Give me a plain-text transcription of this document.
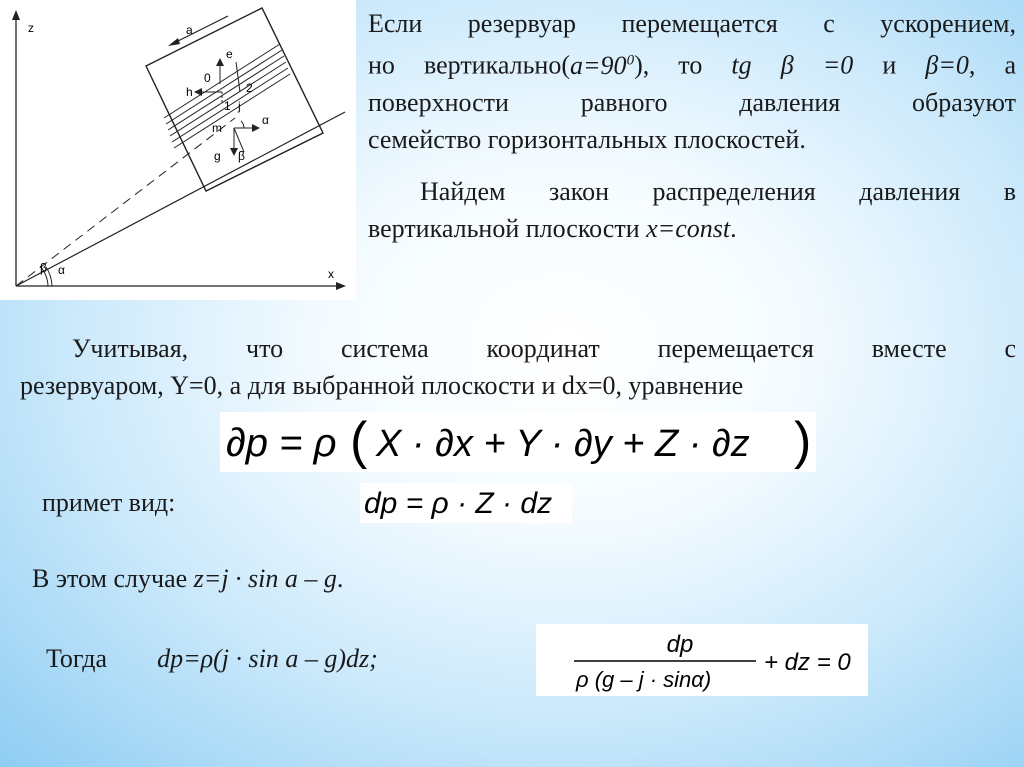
z
x
α
β
a
e
0
h	2
1 j
m
α
g β
Если резервуар перемещается с ускорением,
но $вертикально(a=90^0)$, то tg β =0 и β=0, а
поверхности равного давления образуют
семейство горизонтальных плоскостей.
Найдем закон распределения давления в
вертикальной плоскости x=const.
Учитывая, что система координат перемещается вместе с
резервуаром, Y=0, а для выбранной плоскости и dx=0, уравнение
∂p = ρ ( X · ∂x + Y · ∂y + Z · ∂z )
примет вид:	dp = ρ · Z · dz
В этом случае z=j · sin a – g.
Тогда dp=ρ(j · sin a – g)dz;	dp
ρ (g – j · sinα)
+ dz = 0
